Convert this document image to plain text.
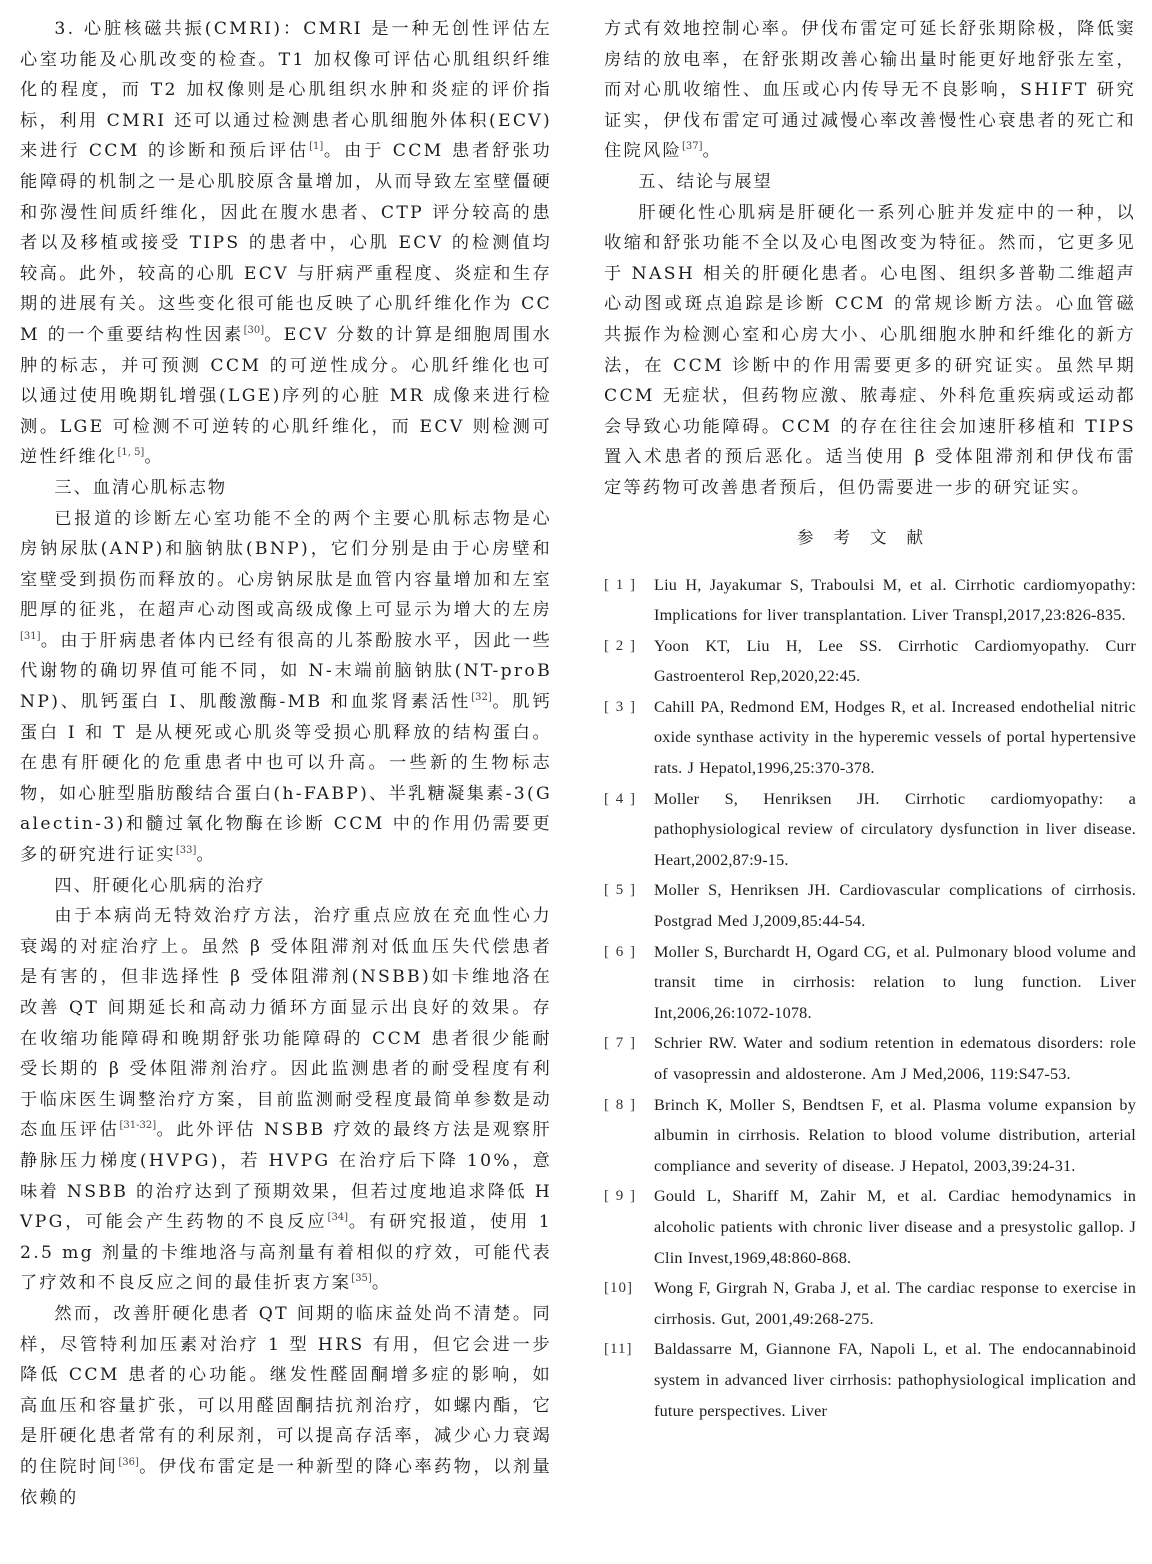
3. 心脏核磁共振(CMRI)：CMRI 是一种无创性评估左心室功能及心肌改变的检查。T1 加权像可评估心肌组织纤维化的程度，而 T2 加权像则是心肌组织水肿和炎症的评价指标，利用 CMRI 还可以通过检测患者心肌细胞外体积(ECV)来进行 CCM 的诊断和预后评估[1]。由于 CCM 患者舒张功能障碍的机制之一是心肌胶原含量增加，从而导致左室壁僵硬和弥漫性间质纤维化，因此在腹水患者、CTP 评分较高的患者以及移植或接受 TIPS 的患者中，心肌 ECV 的检测值均较高。此外，较高的心肌 ECV 与肝病严重程度、炎症和生存期的进展有关。这些变化很可能也反映了心肌纤维化作为 CCM 的一个重要结构性因素[30]。ECV 分数的计算是细胞周围水肿的标志，并可预测 CCM 的可逆性成分。心肌纤维化也可以通过使用晚期钆增强(LGE)序列的心脏 MR 成像来进行检测。LGE 可检测不可逆转的心肌纤维化，而 ECV 则检测可逆性纤维化[1, 5]。

三、血清心肌标志物

已报道的诊断左心室功能不全的两个主要心肌标志物是心房钠尿肽(ANP)和脑钠肽(BNP)，它们分别是由于心房壁和室壁受到损伤而释放的。心房钠尿肽是血管内容量增加和左室肥厚的征兆，在超声心动图或高级成像上可显示为增大的左房[31]。由于肝病患者体内已经有很高的儿茶酚胺水平，因此一些代谢物的确切界值可能不同，如 N-末端前脑钠肽(NT-proBNP)、肌钙蛋白 I、肌酸激酶-MB 和血浆肾素活性[32]。肌钙蛋白 I 和 T 是从梗死或心肌炎等受损心肌释放的结构蛋白。在患有肝硬化的危重患者中也可以升高。一些新的生物标志物，如心脏型脂肪酸结合蛋白(h-FABP)、半乳糖凝集素-3(Galectin-3)和髓过氧化物酶在诊断 CCM 中的作用仍需要更多的研究进行证实[33]。

四、肝硬化心肌病的治疗

由于本病尚无特效治疗方法，治疗重点应放在充血性心力衰竭的对症治疗上。虽然 β 受体阻滞剂对低血压失代偿患者是有害的，但非选择性 β 受体阻滞剂(NSBB)如卡维地洛在改善 QT 间期延长和高动力循环方面显示出良好的效果。存在收缩功能障碍和晚期舒张功能障碍的 CCM 患者很少能耐受长期的 β 受体阻滞剂治疗。因此监测患者的耐受程度有利于临床医生调整治疗方案，目前监测耐受程度最简单参数是动态血压评估[31-32]。此外评估 NSBB 疗效的最终方法是观察肝静脉压力梯度(HVPG)，若 HVPG 在治疗后下降 10%，意味着 NSBB 的治疗达到了预期效果，但若过度地追求降低 HVPG，可能会产生药物的不良反应[34]。有研究报道，使用 12.5 mg 剂量的卡维地洛与高剂量有着相似的疗效，可能代表了疗效和不良反应之间的最佳折衷方案[35]。

然而，改善肝硬化患者 QT 间期的临床益处尚不清楚。同样，尽管特利加压素对治疗 1 型 HRS 有用，但它会进一步降低 CCM 患者的心功能。继发性醛固酮增多症的影响，如高血压和容量扩张，可以用醛固酮拮抗剂治疗，如螺内酯，它是肝硬化患者常有的利尿剂，可以提高存活率，减少心力衰竭的住院时间[36]。伊伐布雷定是一种新型的降心率药物，以剂量依赖的

方式有效地控制心率。伊伐布雷定可延长舒张期除极，降低窦房结的放电率，在舒张期改善心输出量时能更好地舒张左室，而对心肌收缩性、血压或心内传导无不良影响，SHIFT 研究证实，伊伐布雷定可通过减慢心率改善慢性心衰患者的死亡和住院风险[37]。

五、结论与展望

肝硬化性心肌病是肝硬化一系列心脏并发症中的一种，以收缩和舒张功能不全以及心电图改变为特征。然而，它更多见于 NASH 相关的肝硬化患者。心电图、组织多普勒二维超声心动图或斑点追踪是诊断 CCM 的常规诊断方法。心血管磁共振作为检测心室和心房大小、心肌细胞水肿和纤维化的新方法，在 CCM 诊断中的作用需要更多的研究证实。虽然早期 CCM 无症状，但药物应激、脓毒症、外科危重疾病或运动都会导致心功能障碍。CCM 的存在往往会加速肝移植和 TIPS 置入术患者的预后恶化。适当使用 β 受体阻滞剂和伊伐布雷定等药物可改善患者预后，但仍需要进一步的研究证实。

参考文献

[ 1 ] Liu H, Jayakumar S, Traboulsi M, et al. Cirrhotic cardiomyopathy: Implications for liver transplantation. Liver Transpl,2017,23:826-835.

[ 2 ] Yoon KT, Liu H, Lee SS. Cirrhotic Cardiomyopathy. Curr Gastroenterol Rep,2020,22:45.

[ 3 ] Cahill PA, Redmond EM, Hodges R, et al. Increased endothelial nitric oxide synthase activity in the hyperemic vessels of portal hypertensive rats. J Hepatol,1996,25:370-378.

[ 4 ] Moller S, Henriksen JH. Cirrhotic cardiomyopathy: a pathophysiological review of circulatory dysfunction in liver disease. Heart,2002,87:9-15.

[ 5 ] Moller S, Henriksen JH. Cardiovascular complications of cirrhosis. Postgrad Med J,2009,85:44-54.

[ 6 ] Moller S, Burchardt H, Ogard CG, et al. Pulmonary blood volume and transit time in cirrhosis: relation to lung function. Liver Int,2006,26:1072-1078.

[ 7 ] Schrier RW. Water and sodium retention in edematous disorders: role of vasopressin and aldosterone. Am J Med,2006, 119:S47-53.

[ 8 ] Brinch K, Moller S, Bendtsen F, et al. Plasma volume expansion by albumin in cirrhosis. Relation to blood volume distribution, arterial compliance and severity of disease. J Hepatol, 2003,39:24-31.

[ 9 ] Gould L, Shariff M, Zahir M, et al. Cardiac hemodynamics in alcoholic patients with chronic liver disease and a presystolic gallop. J Clin Invest,1969,48:860-868.

[10] Wong F, Girgrah N, Graba J, et al. The cardiac response to exercise in cirrhosis. Gut, 2001,49:268-275.

[11] Baldassarre M, Giannone FA, Napoli L, et al. The endocannabinoid system in advanced liver cirrhosis: pathophysiological implication and future perspectives. Liver
